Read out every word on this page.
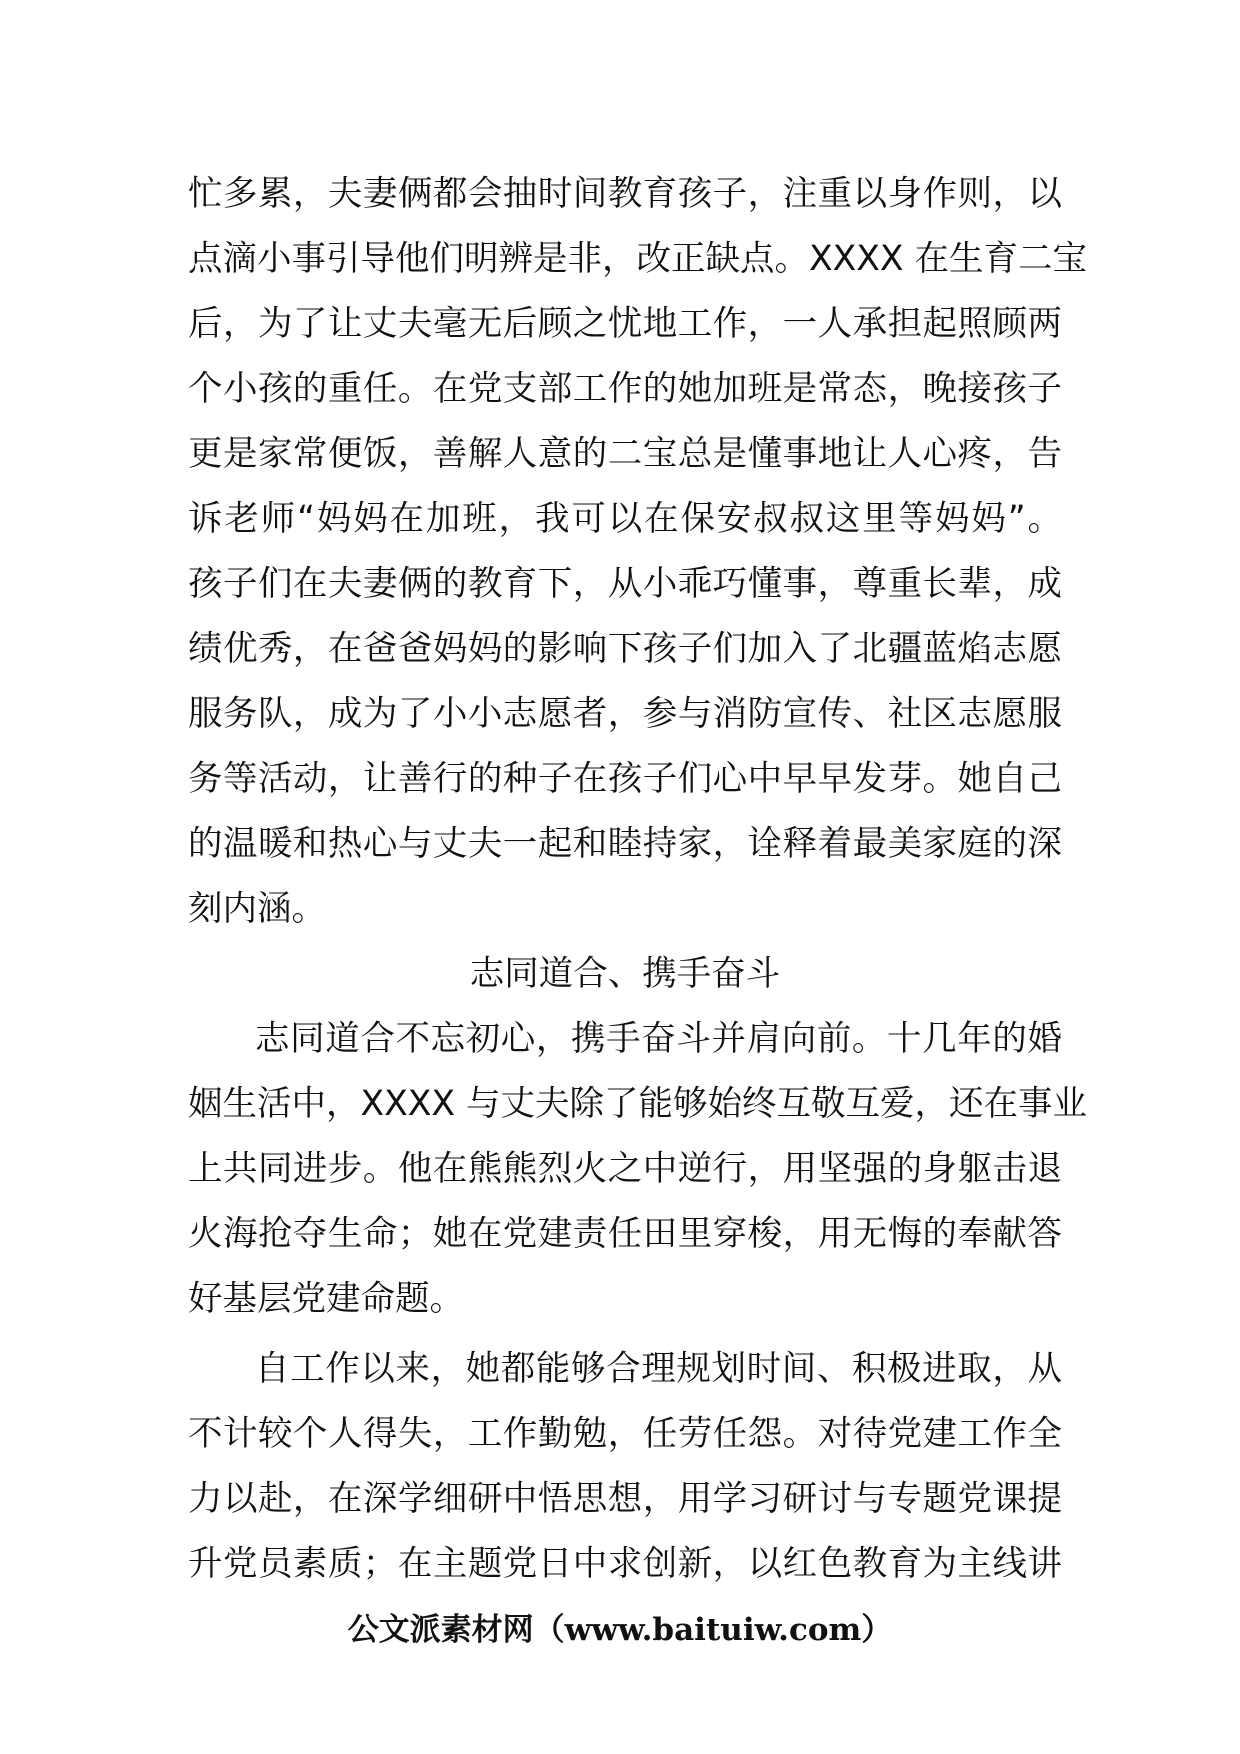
忙多累，夫妻俩都会抽时间教育孩子，注重以身作则，以
点滴小事引导他们明辨是非，改正缺点。XXXX 在生育二宝
后，为了让丈夫毫无后顾之忧地工作，一人承担起照顾两
个小孩的重任。在党支部工作的她加班是常态，晚接孩子
更是家常便饭，善解人意的二宝总是懂事地让人心疼，告
诉老师“妈妈在加班，我可以在保安叔叔这里等妈妈”。
孩子们在夫妻俩的教育下，从小乖巧懂事，尊重长辈，成
绩优秀，在爸爸妈妈的影响下孩子们加入了北疆蓝焰志愿
服务队，成为了小小志愿者，参与消防宣传、社区志愿服
务等活动，让善行的种子在孩子们心中早早发芽。她自己
的温暖和热心与丈夫一起和睦持家，诠释着最美家庭的深
刻内涵。
志同道合、携手奋斗
志同道合不忘初心，携手奋斗并肩向前。十几年的婚
姻生活中，XXXX 与丈夫除了能够始终互敬互爱，还在事业
上共同进步。他在熊熊烈火之中逆行，用坚强的身躯击退
火海抢夺生命；她在党建责任田里穿梭，用无悔的奉献答
好基层党建命题。
自工作以来，她都能够合理规划时间、积极进取，从
不计较个人得失，工作勤勉，任劳任怨。对待党建工作全
力以赴，在深学细研中悟思想，用学习研讨与专题党课提
升党员素质；在主题党日中求创新，以红色教育为主线讲
公文派素材网（www.baituiw.com）
